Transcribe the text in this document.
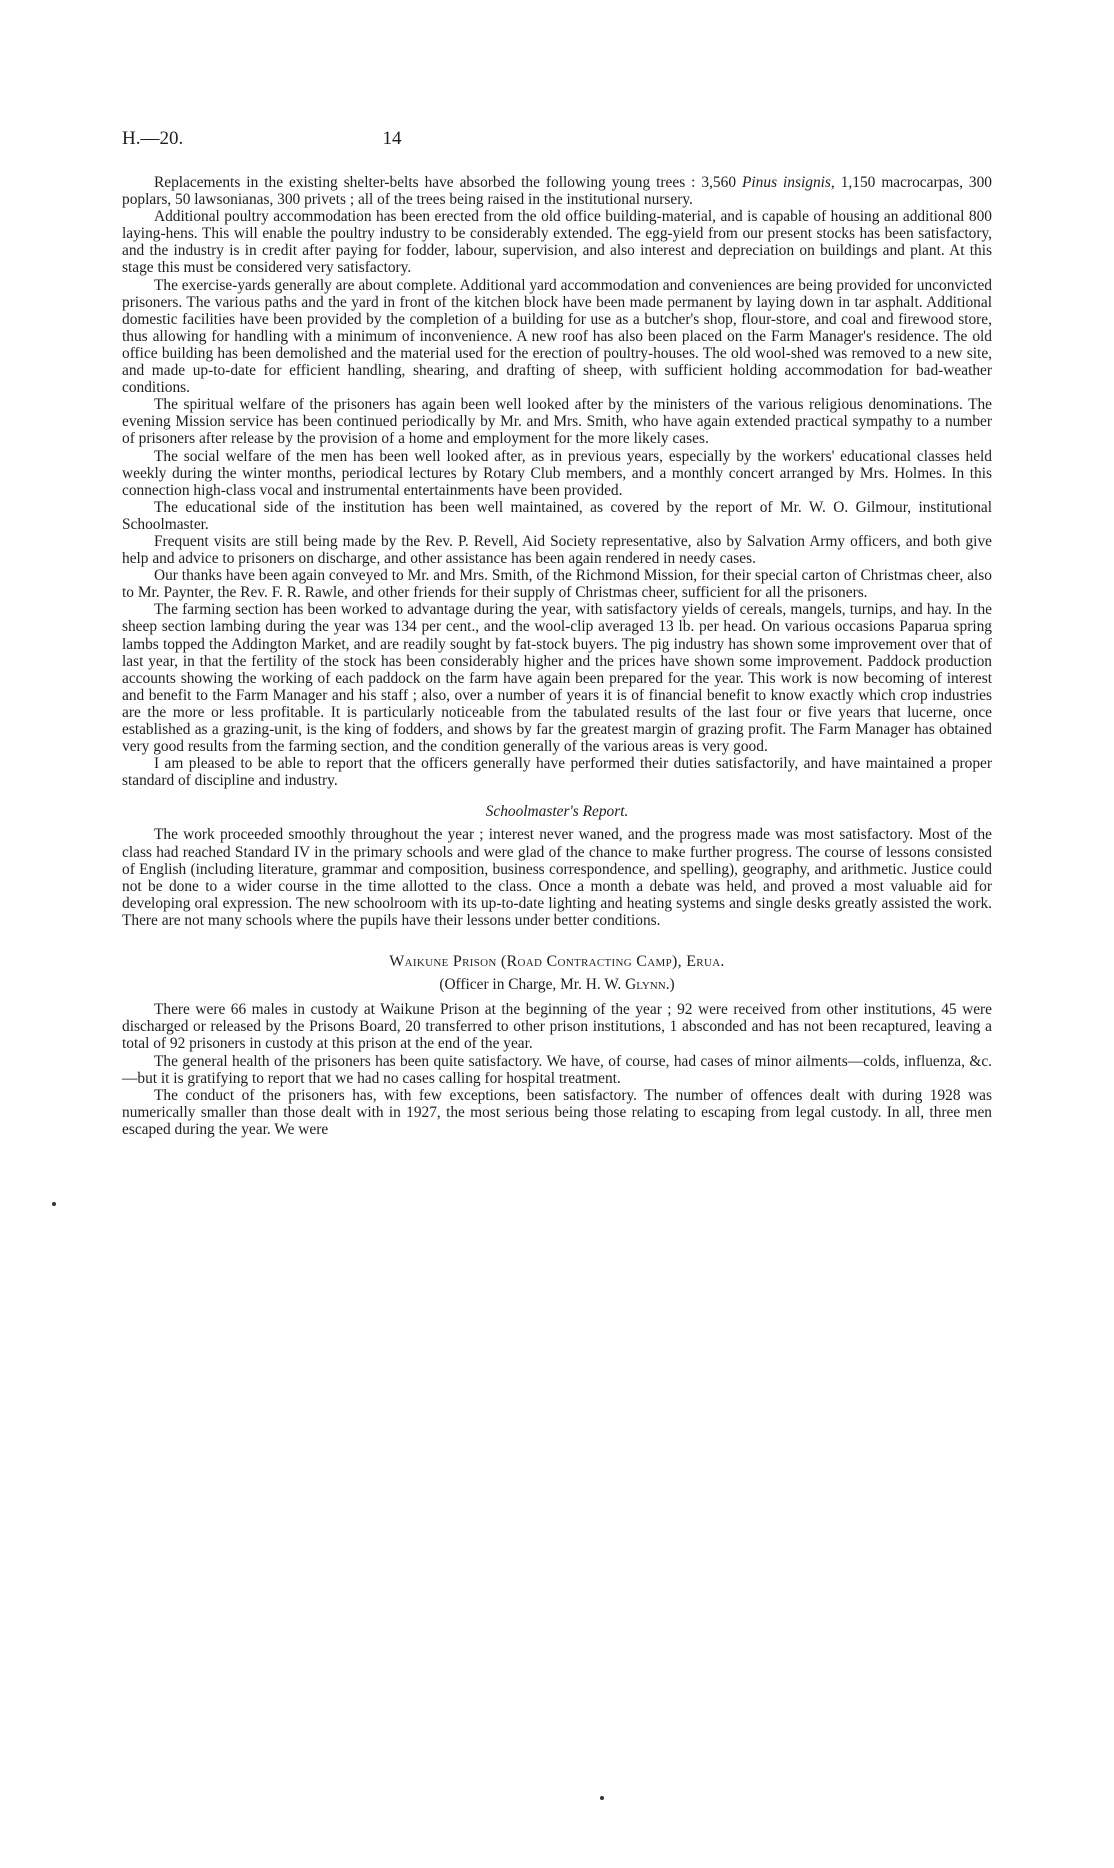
H.—20.	14

Replacements in the existing shelter-belts have absorbed the following young trees : 3,560 Pinus insignis, 1,150 macrocarpas, 300 poplars, 50 lawsonianas, 300 privets ; all of the trees being raised in the institutional nursery.

Additional poultry accommodation has been erected from the old office building-material, and is capable of housing an additional 800 laying-hens. This will enable the poultry industry to be considerably extended. The egg-yield from our present stocks has been satisfactory, and the industry is in credit after paying for fodder, labour, supervision, and also interest and depreciation on buildings and plant. At this stage this must be considered very satisfactory.

The exercise-yards generally are about complete. Additional yard accommodation and conveniences are being provided for unconvicted prisoners. The various paths and the yard in front of the kitchen block have been made permanent by laying down in tar asphalt. Additional domestic facilities have been provided by the completion of a building for use as a butcher's shop, flour-store, and coal and firewood store, thus allowing for handling with a minimum of inconvenience. A new roof has also been placed on the Farm Manager's residence. The old office building has been demolished and the material used for the erection of poultry-houses. The old wool-shed was removed to a new site, and made up-to-date for efficient handling, shearing, and drafting of sheep, with sufficient holding accommodation for bad-weather conditions.

The spiritual welfare of the prisoners has again been well looked after by the ministers of the various religious denominations. The evening Mission service has been continued periodically by Mr. and Mrs. Smith, who have again extended practical sympathy to a number of prisoners after release by the provision of a home and employment for the more likely cases.

The social welfare of the men has been well looked after, as in previous years, especially by the workers' educational classes held weekly during the winter months, periodical lectures by Rotary Club members, and a monthly concert arranged by Mrs. Holmes. In this connection high-class vocal and instrumental entertainments have been provided.

The educational side of the institution has been well maintained, as covered by the report of Mr. W. O. Gilmour, institutional Schoolmaster.

Frequent visits are still being made by the Rev. P. Revell, Aid Society representative, also by Salvation Army officers, and both give help and advice to prisoners on discharge, and other assistance has been again rendered in needy cases.

Our thanks have been again conveyed to Mr. and Mrs. Smith, of the Richmond Mission, for their special carton of Christmas cheer, also to Mr. Paynter, the Rev. F. R. Rawle, and other friends for their supply of Christmas cheer, sufficient for all the prisoners.

The farming section has been worked to advantage during the year, with satisfactory yields of cereals, mangels, turnips, and hay. In the sheep section lambing during the year was 134 per cent., and the wool-clip averaged 13 lb. per head. On various occasions Paparua spring lambs topped the Addington Market, and are readily sought by fat-stock buyers. The pig industry has shown some improvement over that of last year, in that the fertility of the stock has been considerably higher and the prices have shown some improvement. Paddock production accounts showing the working of each paddock on the farm have again been prepared for the year. This work is now becoming of interest and benefit to the Farm Manager and his staff ; also, over a number of years it is of financial benefit to know exactly which crop industries are the more or less profitable. It is particularly noticeable from the tabulated results of the last four or five years that lucerne, once established as a grazing-unit, is the king of fodders, and shows by far the greatest margin of grazing profit. The Farm Manager has obtained very good results from the farming section, and the condition generally of the various areas is very good.

I am pleased to be able to report that the officers generally have performed their duties satisfactorily, and have maintained a proper standard of discipline and industry.

Schoolmaster's Report.

The work proceeded smoothly throughout the year ; interest never waned, and the progress made was most satisfactory. Most of the class had reached Standard IV in the primary schools and were glad of the chance to make further progress. The course of lessons consisted of English (including literature, grammar and composition, business correspondence, and spelling), geography, and arithmetic. Justice could not be done to a wider course in the time allotted to the class. Once a month a debate was held, and proved a most valuable aid for developing oral expression. The new schoolroom with its up-to-date lighting and heating systems and single desks greatly assisted the work. There are not many schools where the pupils have their lessons under better conditions.

Waikune Prison (Road Contracting Camp), Erua.
(Officer in Charge, Mr. H. W. Glynn.)

There were 66 males in custody at Waikune Prison at the beginning of the year ; 92 were received from other institutions, 45 were discharged or released by the Prisons Board, 20 transferred to other prison institutions, 1 absconded and has not been recaptured, leaving a total of 92 prisoners in custody at this prison at the end of the year.

The general health of the prisoners has been quite satisfactory. We have, of course, had cases of minor ailments—colds, influenza, &c.—but it is gratifying to report that we had no cases calling for hospital treatment.

The conduct of the prisoners has, with few exceptions, been satisfactory. The number of offences dealt with during 1928 was numerically smaller than those dealt with in 1927, the most serious being those relating to escaping from legal custody. In all, three men escaped during the year. We were
